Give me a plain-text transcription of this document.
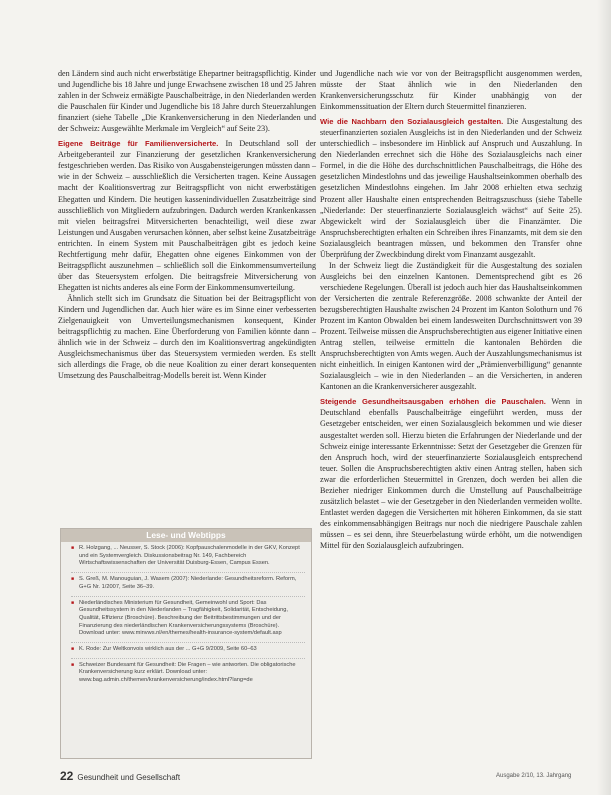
den Ländern sind auch nicht erwerbstätige Ehepartner beitragspflichtig. Kinder und Jugendliche bis 18 Jahre und junge Erwachsene zwischen 18 und 25 Jahren zahlen in der Schweiz ermäßigte Pauschalbeiträge, in den Niederlanden werden die Pauschalen für Kinder und Jugendliche bis 18 Jahre durch Steuerzahlungen finanziert (siehe Tabelle „Die Krankenversicherung in den Niederlanden und der Schweiz: Ausgewählte Merkmale im Vergleich“ auf Seite 23).

Eigene Beiträge für Familienversicherte. In Deutschland soll der Arbeitgeberanteil zur Finanzierung der gesetzlichen Krankenversicherung festgeschrieben werden. Das Risiko von Ausgabensteigerungen müssten dann – wie in der Schweiz – ausschließlich die Versicherten tragen. Keine Aussagen macht der Koalitionsvertrag zur Beitragspflicht von nicht erwerbstätigen Ehegatten und Kindern. Die heutigen kassenindividuellen Zusatzbeiträge sind ausschließlich von Mitgliedern aufzubringen. Dadurch werden Krankenkassen mit vielen beitragsfrei Mitversicherten benachteiligt, weil diese zwar Leistungen und Ausgaben verursachen können, aber selbst keine Zusatzbeiträge entrichten. In einem System mit Pauschalbeiträgen gibt es jedoch keine Rechtfertigung mehr dafür, Ehegatten ohne eigenes Einkommen von der Beitragspflicht auszunehmen – schließlich soll die Einkommensumverteilung über das Steuersystem erfolgen. Die beitragsfreie Mitversicherung von Ehegatten ist nichts anderes als eine Form der Einkommensumverteilung.

Ähnlich stellt sich im Grundsatz die Situation bei der Beitragspflicht von Kindern und Jugendlichen dar. Auch hier wäre es im Sinne einer verbesserten Zielgenauigkeit von Umverteilungsmechanismen konsequent, Kinder beitragspflichtig zu machen. Eine Überforderung von Familien könnte dann – ähnlich wie in der Schweiz – durch den im Koalitionsvertrag angekündigten Ausgleichsmechanismus über das Steuersystem vermieden werden. Es stellt sich allerdings die Frage, ob die neue Koalition zu einer derart konsequenten Umsetzung des Pauschalbeitrag-Modells bereit ist. Wenn Kinder

Lese- und Webtipps
■ R. Holzgang, ... Neusser, S. Stock (2006): Kopfpauschalenmodelle in der GKV, Konzept und ein Systemvergleich. Diskussionsbeitrag Nr. 149, Fachbereich Wirtschaftswissenschaften der Universität Duisburg-Essen, Campus Essen.
■ S. Greß, M. Manouguian, J. Wasem (2007): Niederlande: Gesundheitsreform. Reform, G+G Nr. 1/2007, Seite 36–39.
■ Niederländisches Ministerium für Gesundheit, Gemeinwohl und Sport: Das Gesundheitssystem in den Niederlanden – Tragfähigkeit, Solidarität, Entscheidung, Qualität, Effizienz (Broschüre). Beschreibung der Beitrittsbestimmungen und der Finanzierung des niederländischen Krankenversicherungssystems (Broschüre). Download unter: www.minvws.nl/en/themes/health-insurance-system/default.asp
■ K. Rode: Zur Weltkonvois wirklich aus der ... G+G 9/2009, Seite 60–63
■ Schweizer Bundesamt für Gesundheit: Die Fragen – wie antworten. Die obligatorische Krankenversicherung kurz erklärt. Download unter: www.bag.admin.ch/themen/krankenversicherung/index.html?lang=de

und Jugendliche nach wie vor von der Beitragspflicht ausgenommen werden, müsste der Staat ähnlich wie in den Niederlanden den Krankenversicherungsschutz für Kinder unabhängig von der Einkommenssituation der Eltern durch Steuermittel finanzieren.

Wie die Nachbarn den Sozialausgleich gestalten. Die Ausgestaltung des steuerfinanzierten sozialen Ausgleichs ist in den Niederlanden und der Schweiz unterschiedlich – insbesondere im Hinblick auf Anspruch und Auszahlung. In den Niederlanden errechnet sich die Höhe des Sozialausgleichs nach einer Formel, in die die Höhe des durchschnittlichen Pauschalbeitrags, die Höhe des gesetzlichen Mindestlohns und das jeweilige Haushaltseinkommen oberhalb des gesetzlichen Mindestlohns eingehen. Im Jahr 2008 erhielten etwa sechzig Prozent aller Haushalte einen entsprechenden Beitragszuschuss (siehe Tabelle „Niederlande: Der steuerfinanzierte Sozialausgleich wächst“ auf Seite 25). Abgewickelt wird der Sozialausgleich über die Finanzämter. Die Anspruchsberechtigten erhalten ein Schreiben ihres Finanzamts, mit dem sie den Sozialausgleich beantragen müssen, und bekommen den Transfer ohne Überprüfung der Zweckbindung direkt vom Finanzamt ausgezahlt.

In der Schweiz liegt die Zuständigkeit für die Ausgestaltung des sozialen Ausgleichs bei den einzelnen Kantonen. Dementsprechend gibt es 26 verschiedene Regelungen. Überall ist jedoch auch hier das Haushaltseinkommen der Versicherten die zentrale Referenzgröße. 2008 schwankte der Anteil der bezugsberechtigten Haushalte zwischen 24 Prozent im Kanton Solothurn und 76 Prozent im Kanton Obwalden bei einem landesweiten Durchschnittswert von 39 Prozent. Teilweise müssen die Anspruchsberechtigten aus eigener Initiative einen Antrag stellen, teilweise ermitteln die kantonalen Behörden die Anspruchsberechtigten von Amts wegen. Auch der Auszahlungsmechanismus ist nicht einheitlich. In einigen Kantonen wird der „Prämienverbilligung“ genannte Sozialausgleich – wie in den Niederlanden – an die Versicherten, in anderen Kantonen an die Krankenversicherer ausgezahlt.

Steigende Gesundheitsausgaben erhöhen die Pauschalen. Wenn in Deutschland ebenfalls Pauschalbeiträge eingeführt werden, muss der Gesetzgeber entscheiden, wer einen Sozialausgleich bekommen und wie dieser ausgestaltet werden soll. Hierzu bieten die Erfahrungen der Niederlande und der Schweiz einige interessante Erkenntnisse: Setzt der Gesetzgeber die Grenzen für den Anspruch hoch, wird der steuerfinanzierte Sozialausgleich entsprechend teuer. Sollen die Anspruchsberechtigten aktiv einen Antrag stellen, haben sich zwar die erforderlichen Steuermittel in Grenzen, doch werden bei allen die Bezieher niedriger Einkommen durch die Umstellung auf Pauschalbeiträge zusätzlich belastet – wie der Gesetzgeber in den Niederlanden vermeiden wollte. Entlastet werden dagegen die Versicherten mit höheren Einkommen, da sie statt des einkommensabhängigen Beitrags nur noch die niedrigere Pauschale zahlen müssen – es sei denn, ihre Steuerbelastung würde erhöht, um die notwendigen Mittel für den Sozialausgleich aufzubringen.

22 Gesundheit und Gesellschaft	Ausgabe 2/10, 13. Jahrgang
